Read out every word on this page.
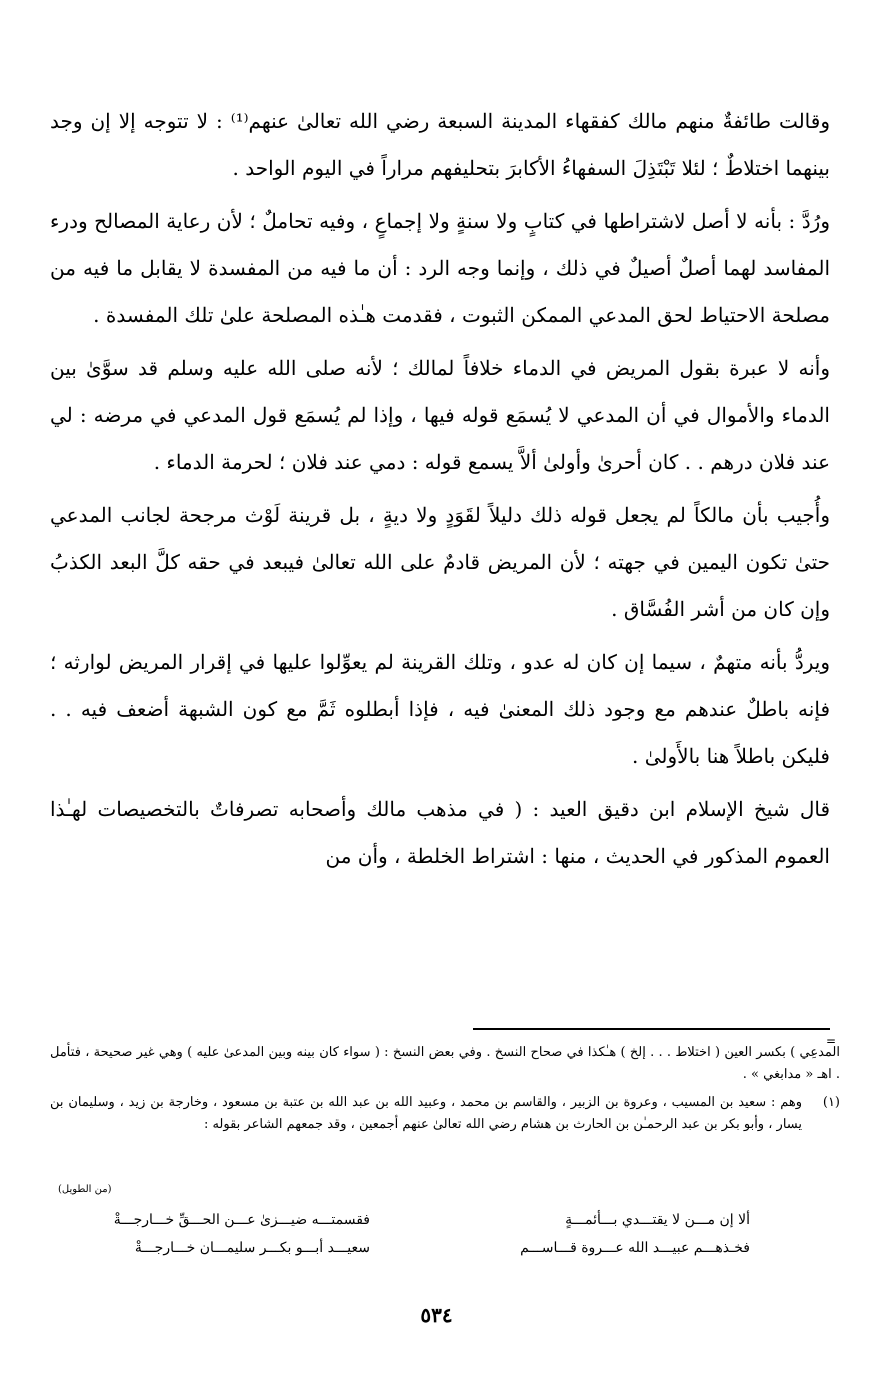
وقالت طائفةٌ منهم مالك كفقهاء المدينة السبعة رضي الله تعالىٰ عنهم⁽¹⁾ : لا تتوجه إلا إن وجد بينهما اختلاطٌ ؛ لئلا تَبْتَذِلَ السفهاءُ الأكابرَ بتحليفهم مراراً في اليوم الواحد .

ورُدَّ : بأنه لا أصل لاشتراطها في كتابٍ ولا سنةٍ ولا إجماعٍ ، وفيه تحاملٌ ؛ لأن رعاية المصالح ودرء المفاسد لهما أصلٌ أصيلٌ في ذلك ، وإنما وجه الرد : أن ما فيه من المفسدة لا يقابل ما فيه من مصلحة الاحتياط لحق المدعي الممكن الثبوت ، فقدمت هـٰذه المصلحة علىٰ تلك المفسدة .

وأنه لا عبرة بقول المريض في الدماء خلافاً لمالك ؛ لأنه صلى الله عليه وسلم قد سوَّىٰ بين الدماء والأموال في أن المدعي لا يُسمَع قوله فيها ، وإذا لم يُسمَع قول المدعي في مرضه : لي عند فلان درهم . . كان أحرىٰ وأولىٰ ألاَّ يسمع قوله : دمي عند فلان ؛ لحرمة الدماء .

وأُجيب بأن مالكاً لم يجعل قوله ذلك دليلاً لقَوَدٍ ولا ديةٍ ، بل قرينة لَوْث مرجحة لجانب المدعي حتىٰ تكون اليمين في جهته ؛ لأن المريض قادمٌ على الله تعالىٰ فيبعد في حقه كلَّ البعد الكذبُ وإن كان من أشر الفُسَّاق .

ويردُّ بأنه متهمٌ ، سيما إن كان له عدو ، وتلك القرينة لم يعوِّلوا عليها في إقرار المريض لوارثه ؛ فإنه باطلٌ عندهم مع وجود ذلك المعنىٰ فيه ، فإذا أبطلوه ثَمَّ مع كون الشبهة أضعف فيه . . فليكن باطلاً هنا بالأَولىٰ .

قال شيخ الإسلام ابن دقيق العيد : ( في مذهب مالك وأصحابه تصرفاتٌ بالتخصيصات لهـٰذا العموم المذكور في الحديث ، منها : اشتراط الخلطة ، وأن من

=

المدعِي ) بكسر العين ( اختلاط . . . إلخ ) هـٰكذا في صحاح النسخ . وفي بعض النسخ : ( سواء كان بينه وبين المدعىٰ عليه ) وهي غير صحيحة ، فتأمل . اهـ « مدابغي » .

(١)
وهم : سعيد بن المسيب ، وعروة بن الزبير ، والقاسم بن محمد ، وعبيد الله بن عبد الله بن عتبة بن مسعود ، وخارجة بن زيد ، وسليمان بن يسار ، وأبو بكر بن عبد الرحمـٰن بن الحارث بن هشام رضي الله تعالىٰ عنهم أجمعين ، وقد جمعهم الشاعر بقوله :
(من الطويل)
ألا إن مـــن لا يقتـــدي بـــأئمـــةٍ
فقسمتـــه ضيـــزىٰ عـــن الحـــقِّ خـــارجـــةْ
فخـذهـــم عبيـــد الله عـــروة قـــاســـم
سعيـــد أبـــو بكـــر سليمـــان خـــارجـــةْ
٥٣٤
